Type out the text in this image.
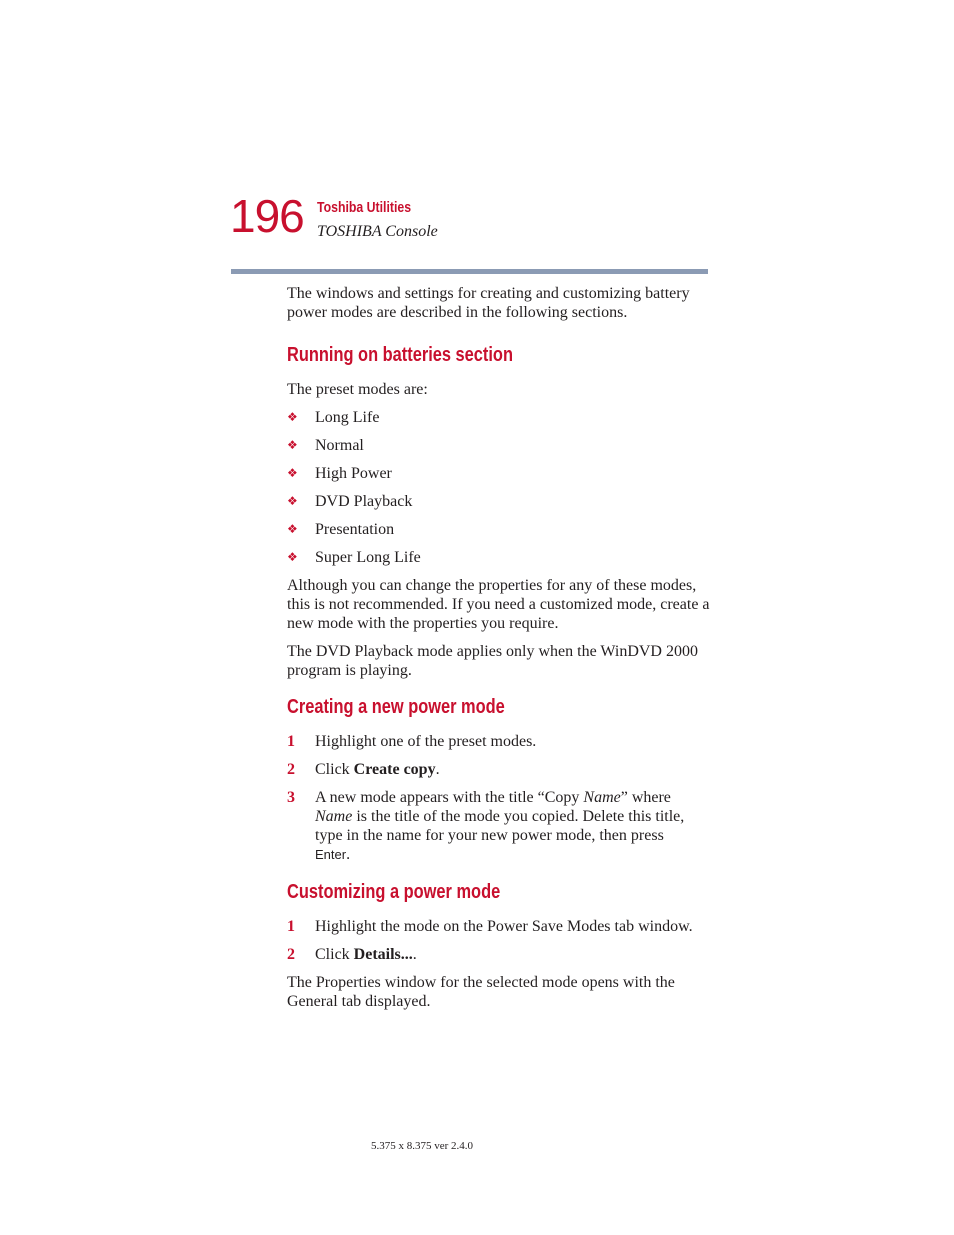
196 Toshiba Utilities
TOSHIBA Console

The windows and settings for creating and customizing battery power modes are described in the following sections.

Running on batteries section

The preset modes are:

❖ Long Life
❖ Normal
❖ High Power
❖ DVD Playback
❖ Presentation
❖ Super Long Life

Although you can change the properties for any of these modes, this is not recommended. If you need a customized mode, create a new mode with the properties you require.

The DVD Playback mode applies only when the WinDVD 2000 program is playing.

Creating a new power mode
1 Highlight one of the preset modes.
2 Click Create copy.
3 A new mode appears with the title “Copy Name” where Name is the title of the mode you copied. Delete this title, type in the name for your new power mode, then press
Enter.
Customizing a power mode
1 Highlight the mode on the Power Save Modes tab window.
2 Click Details....

The Properties window for the selected mode opens with the General tab displayed.

5.375 x 8.375 ver 2.4.0
